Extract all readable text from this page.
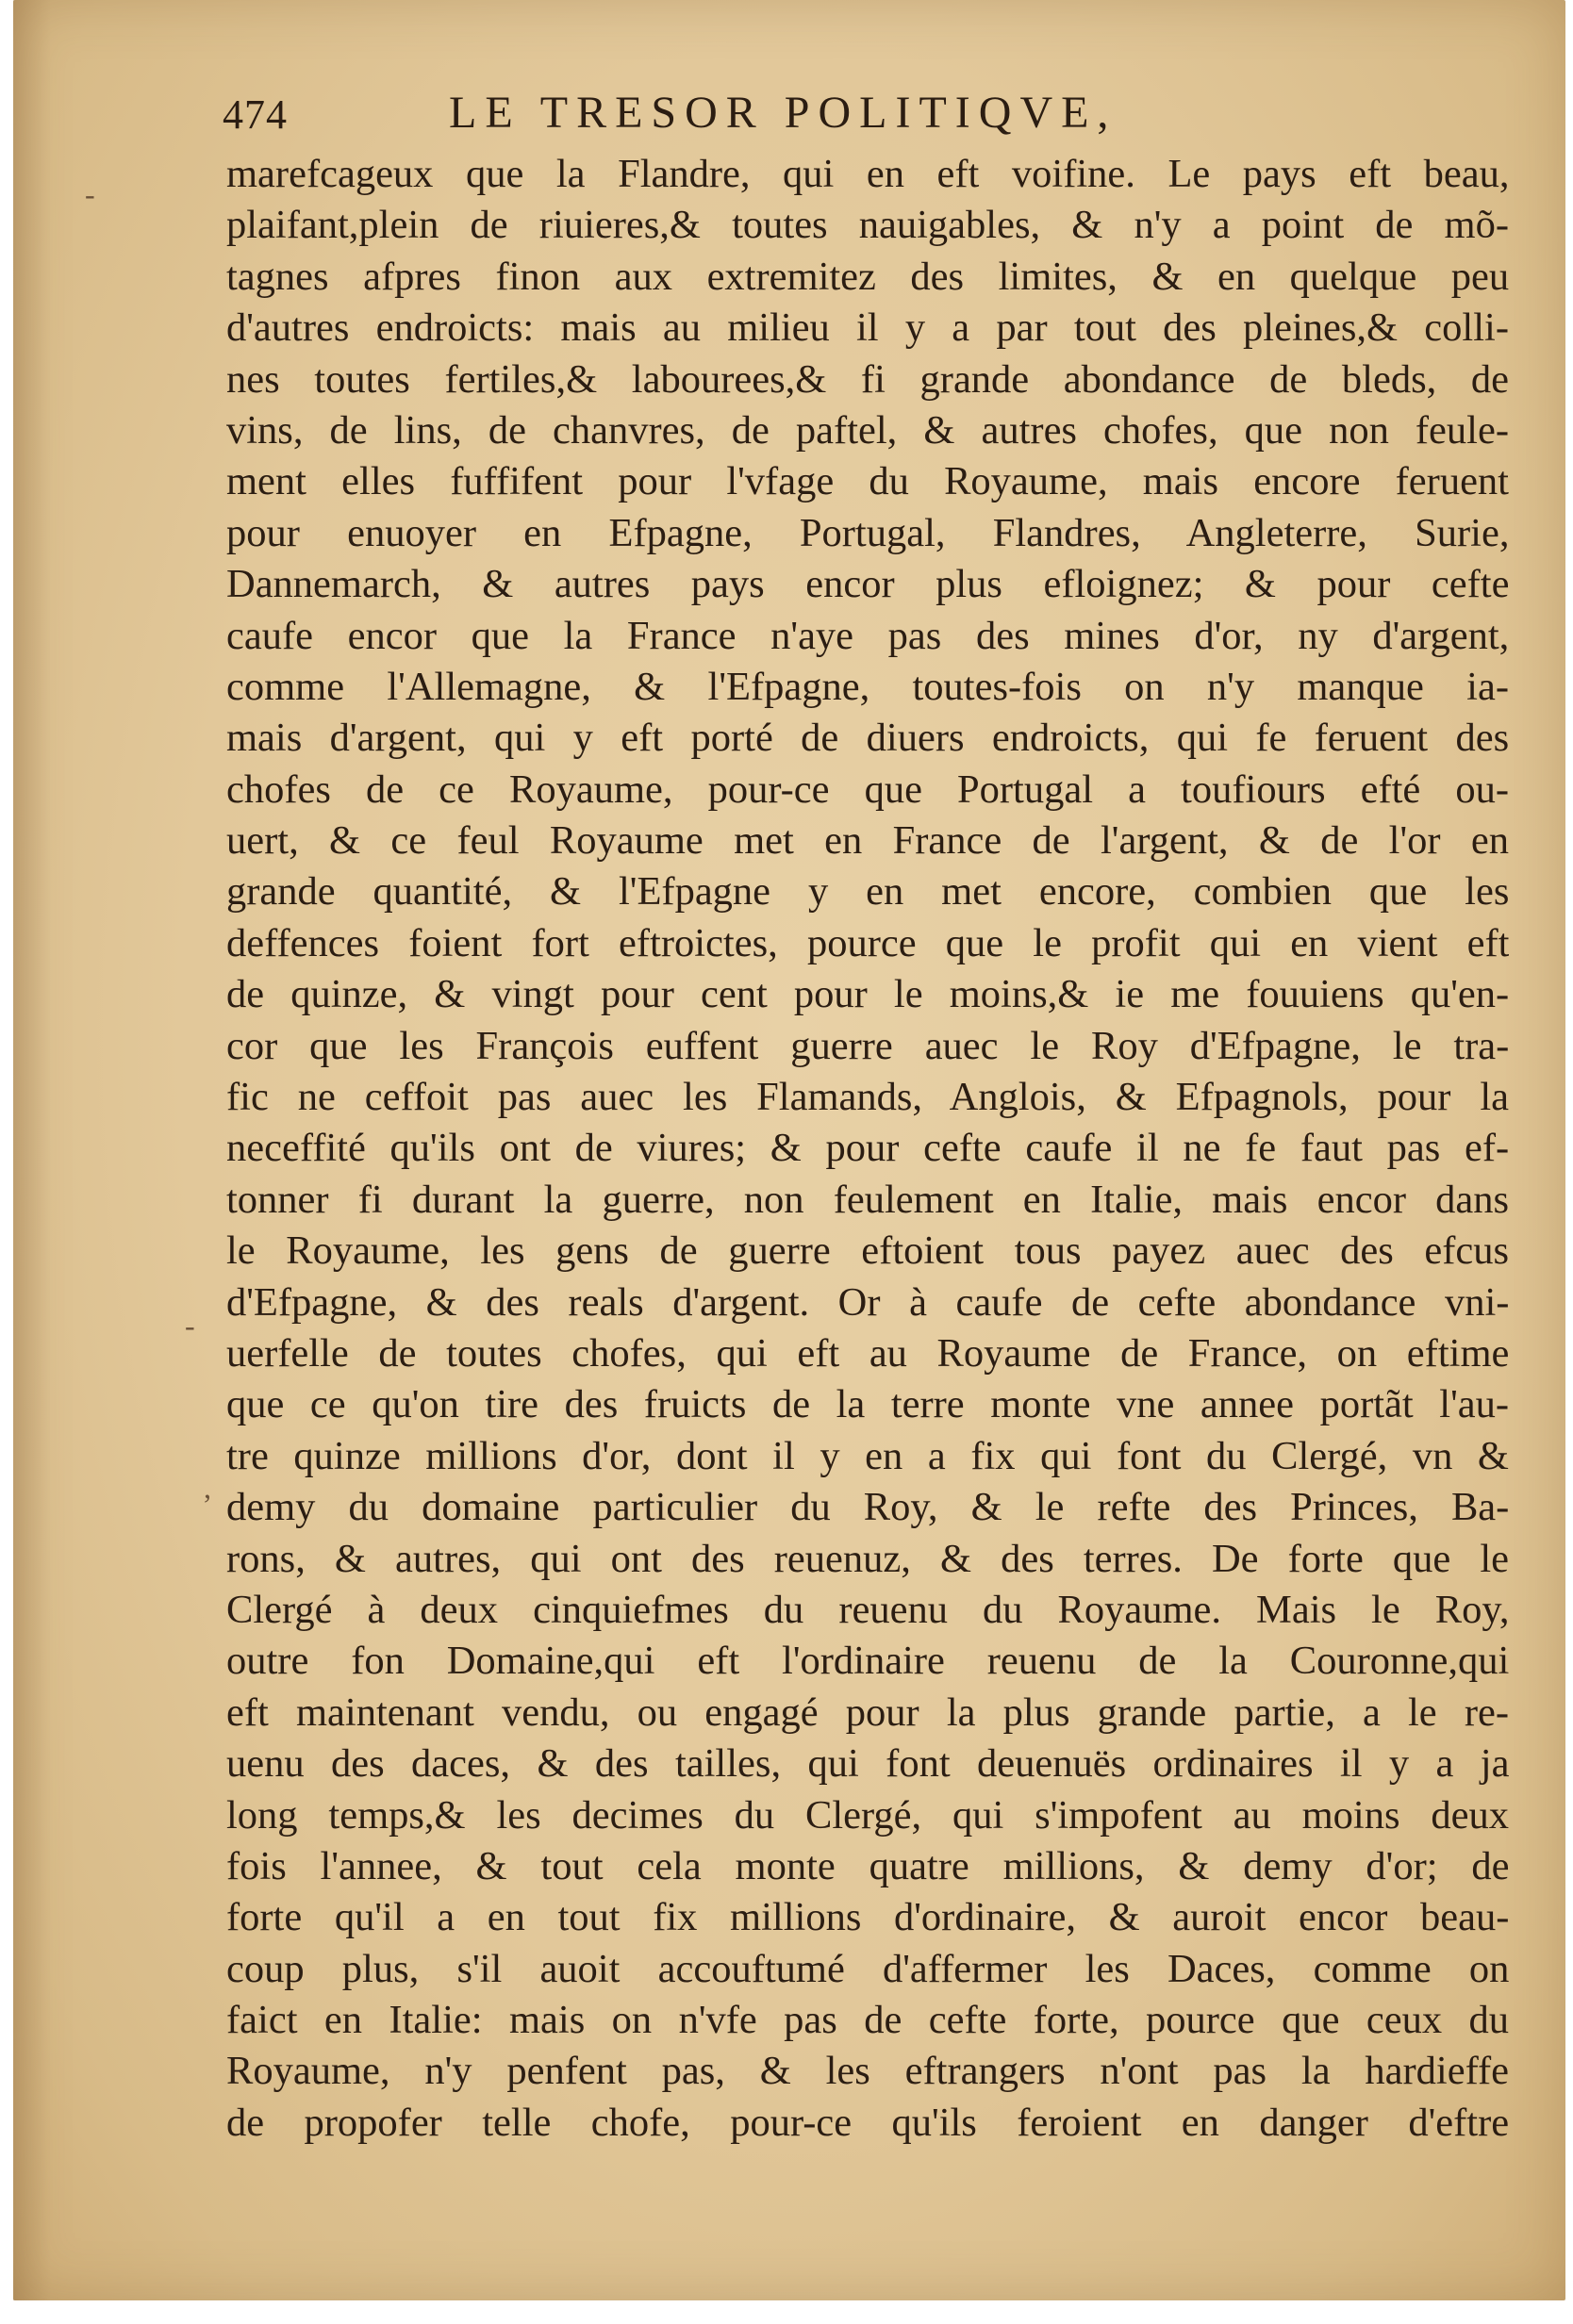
474	LE TRESOR POLITIQVE,
-
-
,
marefcageux que la Flandre, qui en eft voifine. Le pays eft beau,
plaifant,plein de riuieres,& toutes nauigables, & n'y a point de mõ-
tagnes afpres finon aux extremitez des limites, & en quelque peu
d'autres endroicts: mais au milieu il y a par tout des pleines,& colli-
nes toutes fertiles,& labourees,& fi grande abondance de bleds, de
vins, de lins, de chanvres, de paftel, & autres chofes, que non feule-
ment elles fuffifent pour l'vfage du Royaume, mais encore feruent
pour enuoyer en Efpagne, Portugal, Flandres, Angleterre, Surie,
Dannemarch, & autres pays encor plus efloignez; & pour cefte
caufe encor que la France n'aye pas des mines d'or, ny d'argent,
comme l'Allemagne, & l'Efpagne, toutes-fois on n'y manque ia-
mais d'argent, qui y eft porté de diuers endroicts, qui fe feruent des
chofes de ce Royaume, pour-ce que Portugal a toufiours efté ou-
uert, & ce feul Royaume met en France de l'argent, & de l'or en
grande quantité, & l'Efpagne y en met encore, combien que les
deffences foient fort eftroictes, pource que le profit qui en vient eft
de quinze, & vingt pour cent pour le moins,& ie me fouuiens qu'en-
cor que les François euffent guerre auec le Roy d'Efpagne, le tra-
fic ne ceffoit pas auec les Flamands, Anglois, & Efpagnols, pour la
neceffité qu'ils ont de viures; & pour cefte caufe il ne fe faut pas ef-
tonner fi durant la guerre, non feulement en Italie, mais encor dans
le Royaume, les gens de guerre eftoient tous payez auec des efcus
d'Efpagne, & des reals d'argent. Or à caufe de cefte abondance vni-
uerfelle de toutes chofes, qui eft au Royaume de France, on eftime
que ce qu'on tire des fruicts de la terre monte vne annee portãt l'au-
tre quinze millions d'or, dont il y en a fix qui font du Clergé, vn &
demy du domaine particulier du Roy, & le refte des Princes, Ba-
rons, & autres, qui ont des reuenuz, & des terres. De forte que le
Clergé à deux cinquiefmes du reuenu du Royaume. Mais le Roy,
outre fon Domaine,qui eft l'ordinaire reuenu de la Couronne,qui
eft maintenant vendu, ou engagé pour la plus grande partie, a le re-
uenu des daces, & des tailles, qui font deuenuës ordinaires il y a ja
long temps,& les decimes du Clergé, qui s'impofent au moins deux
fois l'annee, & tout cela monte quatre millions, & demy d'or; de
forte qu'il a en tout fix millions d'ordinaire, & auroit encor beau-
coup plus, s'il auoit accouftumé d'affermer les Daces, comme on
faict en Italie: mais on n'vfe pas de cefte forte, pource que ceux du
Royaume, n'y penfent pas, & les eftrangers n'ont pas la hardieffe
de propofer telle chofe, pour-ce qu'ils feroient en danger d'eftre
